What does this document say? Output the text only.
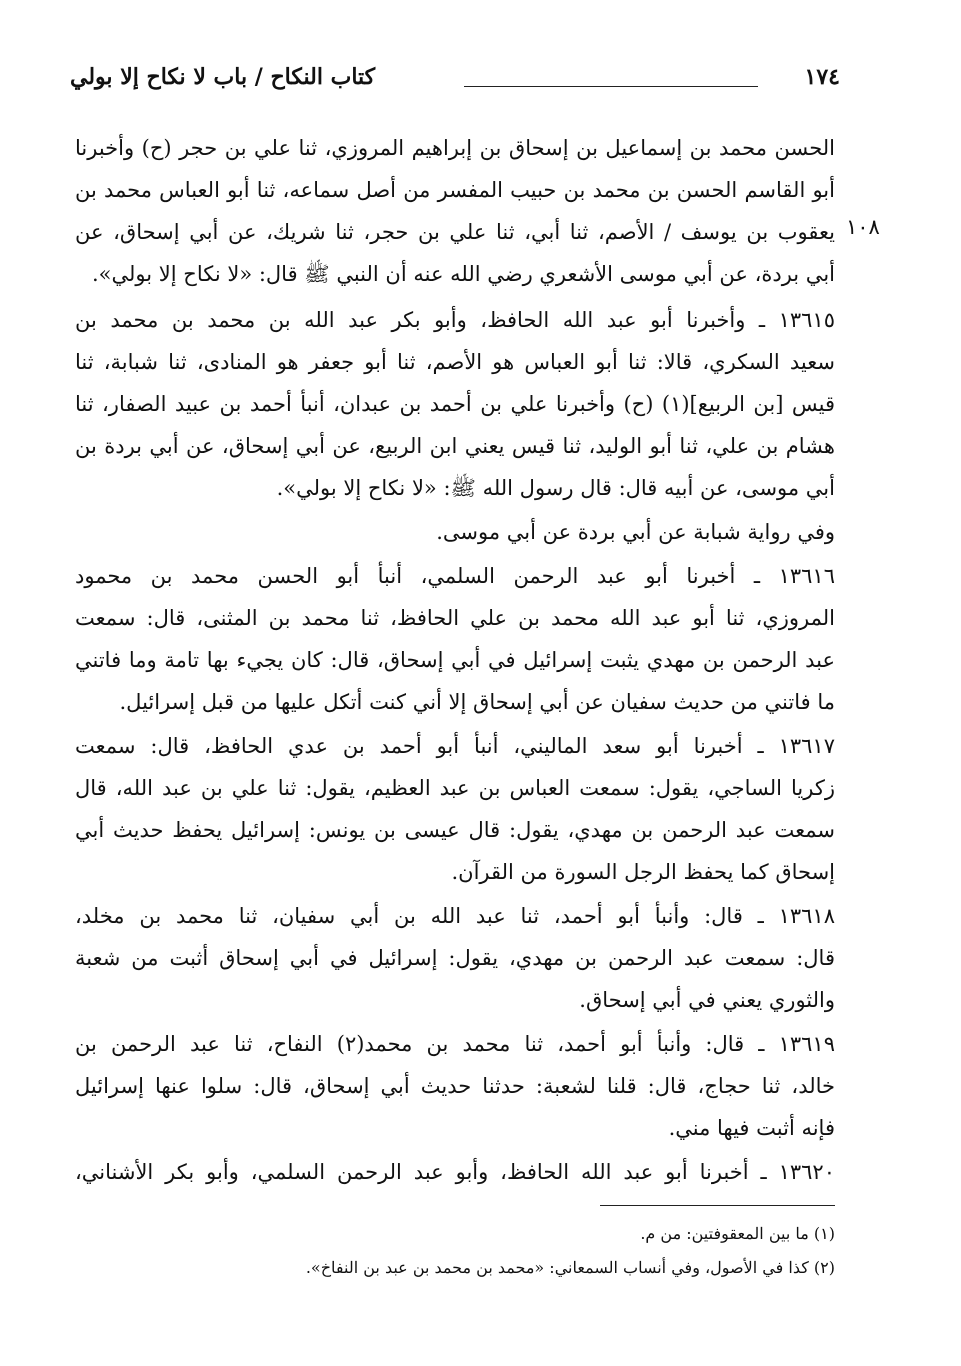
١٧٤
كتاب النكاح / باب لا نكاح إلا بولي
١٠٨
الحسن محمد بن إسماعيل بن إسحاق بن إبراهيم المروزي، ثنا علي بن حجر (ح) وأخبرنا
أبو القاسم الحسن بن محمد بن حبيب المفسر من أصل سماعه، ثنا أبو العباس محمد بن
يعقوب بن يوسف / الأصم، ثنا أبي، ثنا علي بن حجر، ثنا شريك، عن أبي إسحاق، عن
أبي بردة، عن أبي موسى الأشعري رضي الله عنه أن النبي ﷺ قال: «لا نكاح إلا بولي».
١٣٦١٥ ـ وأخبرنا أبو عبد الله الحافظ، وأبو بكر عبد الله بن محمد بن محمد بن
سعيد السكري، قالا: ثنا أبو العباس هو الأصم، ثنا أبو جعفر هو المنادى، ثنا شبابة، ثنا
قيس [بن الربيع](١) (ح) وأخبرنا علي بن أحمد بن عبدان، أنبأ أحمد بن عبيد الصفار، ثنا
هشام بن علي، ثنا أبو الوليد، ثنا قيس يعني ابن الربيع، عن أبي إسحاق، عن أبي بردة بن
أبي موسى، عن أبيه قال: قال رسول الله ﷺ: «لا نكاح إلا بولي».
وفي رواية شبابة عن أبي بردة عن أبي موسى.
١٣٦١٦ ـ أخبرنا أبو عبد الرحمن السلمي، أنبأ أبو الحسن محمد بن محمود
المروزي، ثنا أبو عبد الله محمد بن علي الحافظ، ثنا محمد بن المثنى، قال: سمعت
عبد الرحمن بن مهدي يثبت إسرائيل في أبي إسحاق، قال: كان يجيء بها تامة وما فاتني
ما فاتني من حديث سفيان عن أبي إسحاق إلا أني كنت أتكل عليها من قبل إسرائيل.
١٣٦١٧ ـ أخبرنا أبو سعد الماليني، أنبأ أبو أحمد بن عدي الحافظ، قال: سمعت
زكريا الساجي، يقول: سمعت العباس بن عبد العظيم، يقول: ثنا علي بن عبد الله، قال
سمعت عبد الرحمن بن مهدي، يقول: قال عيسى بن يونس: إسرائيل يحفظ حديث أبي
إسحاق كما يحفظ الرجل السورة من القرآن.
١٣٦١٨ ـ قال: وأنبأ أبو أحمد، ثنا عبد الله بن أبي سفيان، ثنا محمد بن مخلد،
قال: سمعت عبد الرحمن بن مهدي، يقول: إسرائيل في أبي إسحاق أثبت من شعبة
والثوري يعني في أبي إسحاق.
١٣٦١٩ ـ قال: وأنبأ أبو أحمد، ثنا محمد بن محمد(٢) النفاح، ثنا عبد الرحمن بن
خالد، ثنا حجاج، قال: قلنا لشعبة: حدثنا حديث أبي إسحاق، قال: سلوا عنها إسرائيل
فإنه أثبت فيها مني.
١٣٦٢٠ ـ أخبرنا أبو عبد الله الحافظ، وأبو عبد الرحمن السلمي، وأبو بكر الأشناني،
(١) ما بين المعقوفتين: من م.
(٢) كذا في الأصول، وفي أنساب السمعاني: «محمد بن محمد بن عبد بن النفاخ».
